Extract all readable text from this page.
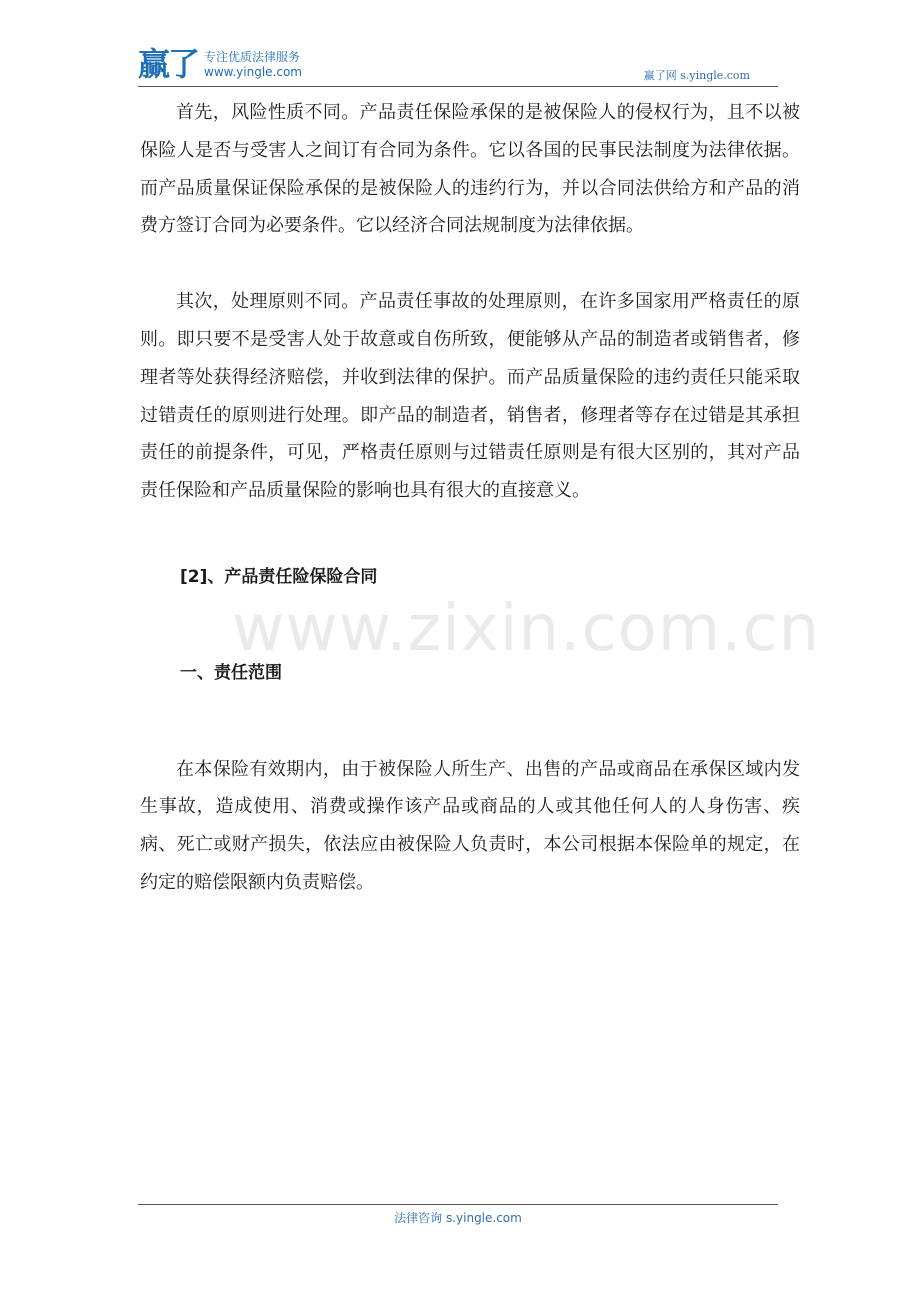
赢了 专注优质法律服务
www.yingle.com	赢了网 s.yingle.com
www.zixin.com.cn

首先，风险性质不同。产品责任保险承保的是被保险人的侵权行为，且不以被保险人是否与受害人之间订有合同为条件。它以各国的民事民法制度为法律依据。而产品质量保证保险承保的是被保险人的违约行为，并以合同法供给方和产品的消费方签订合同为必要条件。它以经济合同法规制度为法律依据。

其次，处理原则不同。产品责任事故的处理原则，在许多国家用严格责任的原则。即只要不是受害人处于故意或自伤所致，便能够从产品的制造者或销售者，修理者等处获得经济赔偿，并收到法律的保护。而产品质量保险的违约责任只能采取过错责任的原则进行处理。即产品的制造者，销售者，修理者等存在过错是其承担责任的前提条件，可见，严格责任原则与过错责任原则是有很大区别的，其对产品责任保险和产品质量保险的影响也具有很大的直接意义。

[2]、产品责任险保险合同

一、责任范围

在本保险有效期内，由于被保险人所生产、出售的产品或商品在承保区域内发生事故，造成使用、消费或操作该产品或商品的人或其他任何人的人身伤害、疾病、死亡或财产损失，依法应由被保险人负责时，本公司根据本保险单的规定，在约定的赔偿限额内负责赔偿。

法律咨询 s.yingle.com
